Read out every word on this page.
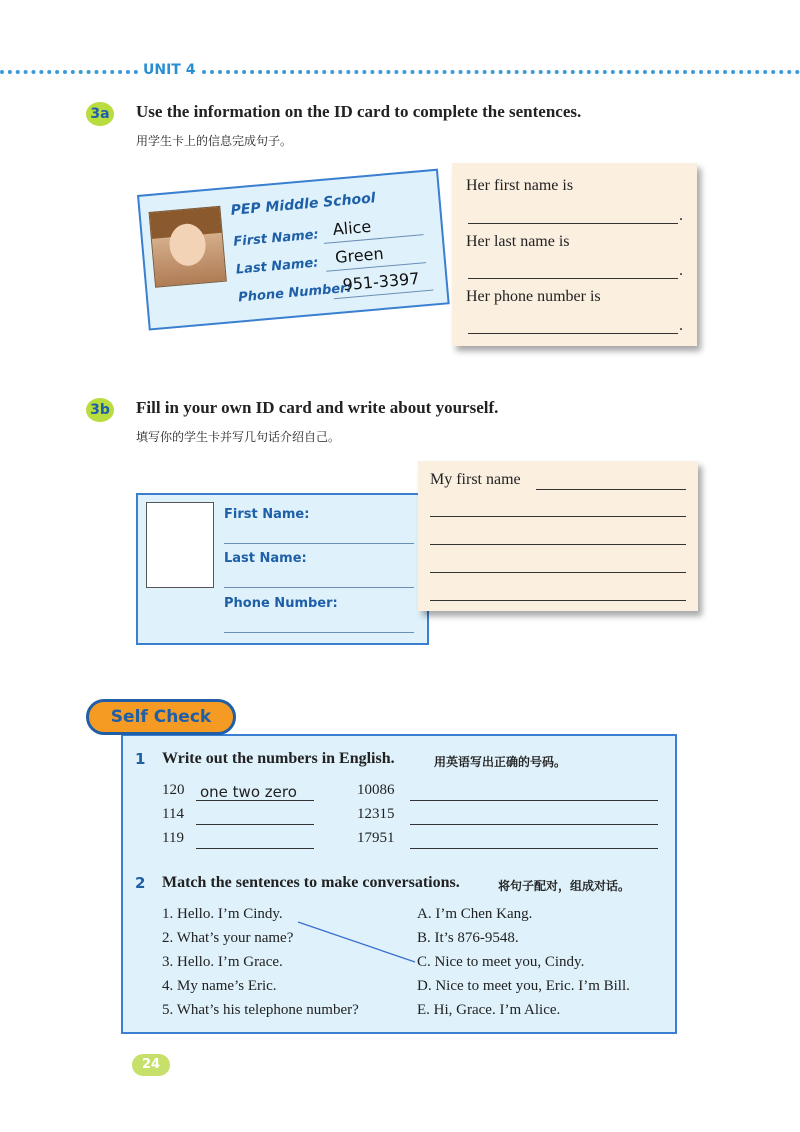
UNIT 4
3a Use the information on the ID card to complete the sentences.
用学生卡上的信息完成句子。
PEP Middle School
First Name: Alice
Last Name: Green
Phone Number:
951-3397
Her first name is
.
Her last name is
.
Her phone number is
.
3b Fill in your own ID card and write about yourself.
填写你的学生卡并写几句话介绍自己。
First Name:
Last Name:
Phone Number:
My first name
Self Check
1 Write out the numbers in English.	用英语写出正确的号码。
120 one two zero
114
119
10086
12315
17951
2 Match the sentences to make conversations.	将句子配对，组成对话。
1. Hello. I’m Cindy.
2. What’s your name?
3. Hello. I’m Grace.
4. My name’s Eric.
5. What’s his telephone number?
A. I’m Chen Kang.
B. It’s 876-9548.
C. Nice to meet you, Cindy.
D. Nice to meet you, Eric. I’m Bill.
E. Hi, Grace. I’m Alice.
24
